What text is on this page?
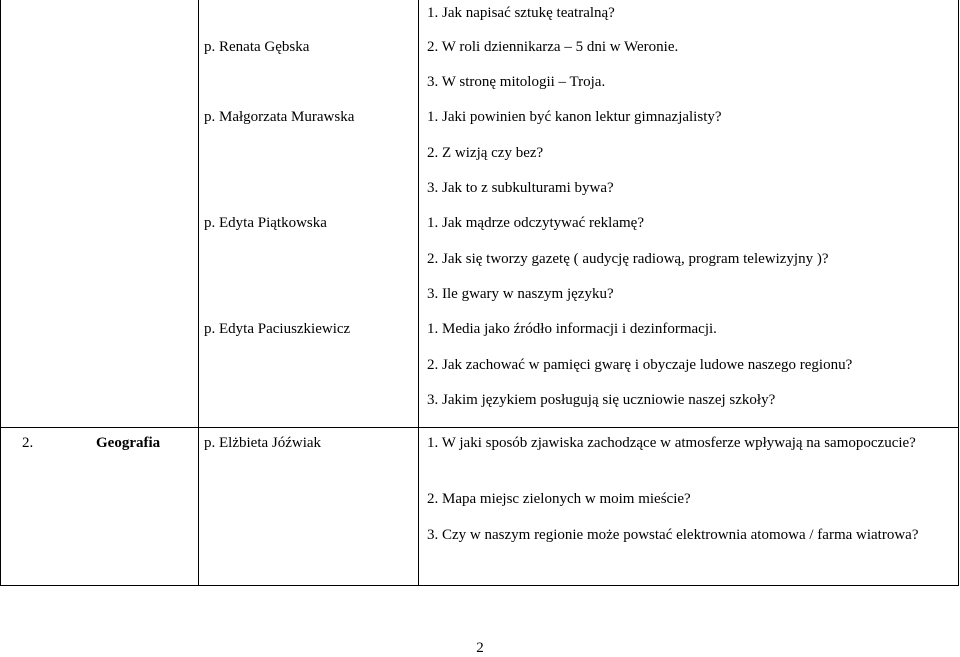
p. Renata Gębska
1. Jak napisać sztukę teatralną?
2. W roli dziennikarza – 5 dni w Weronie.
3. W stronę mitologii – Troja.
p. Małgorzata Murawska	1. Jaki powinien być kanon lektur gimnazjalisty?
2. Z wizją czy bez?
3. Jak to z subkulturami bywa?
p. Edyta Piątkowska	1. Jak mądrze odczytywać reklamę?
2. Jak się tworzy gazetę ( audycję radiową, program telewizyjny )?
3. Ile gwary w naszym języku?
p. Edyta Paciuszkiewicz	1. Media jako źródło informacji i dezinformacji.
2. Jak zachować w pamięci gwarę i obyczaje ludowe naszego regionu?
3. Jakim językiem posługują się uczniowie naszej szkoły?
2.	Geografia	p. Elżbieta Jóźwiak	1. W jaki sposób zjawiska zachodzące w atmosferze wpływają na samopoczucie?
2. Mapa miejsc zielonych w moim mieście?
3. Czy w naszym regionie może powstać elektrownia atomowa / farma wiatrowa?
2
